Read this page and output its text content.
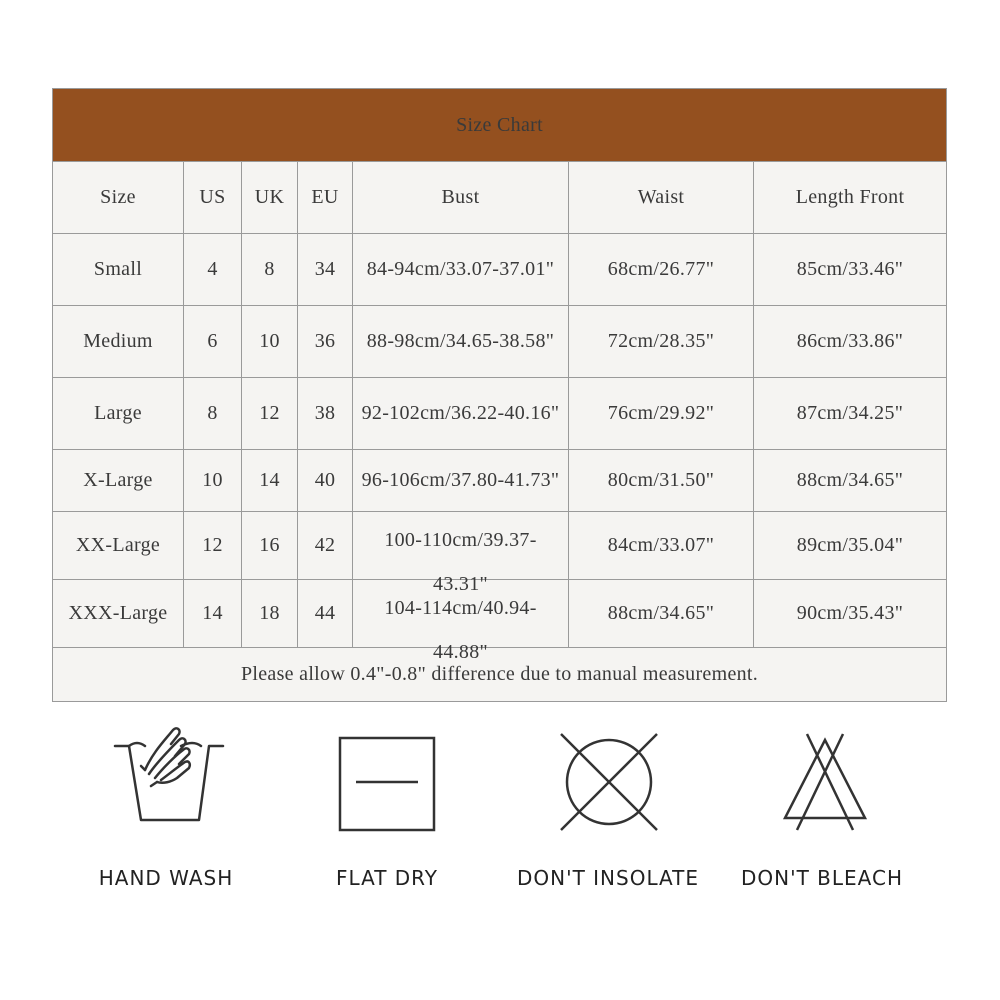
Size Chart						
Size	US	UK	EU	Bust	Waist	Length Front
Small	4	8	34	84-94cm/33.07-37.01"	68cm/26.77"	85cm/33.46"
Medium	6	10	36	88-98cm/34.65-38.58"	72cm/28.35"	86cm/33.86"
Large	8	12	38	92-102cm/36.22-40.16"	76cm/29.92"	87cm/34.25"
X-Large	10	14	40	96-106cm/37.80-41.73"	80cm/31.50"	88cm/34.65"
XX-Large	12	16	42	100-110cm/39.37-43.31"	84cm/33.07"	89cm/35.04"
XXX-Large	14	18	44	104-114cm/40.94-44.88"	88cm/34.65"	90cm/35.43"
Please allow 0.4"-0.8" difference due to manual measurement.						
HAND WASH	FLAT DRY	DON'T INSOLATE	DON'T BLEACH
